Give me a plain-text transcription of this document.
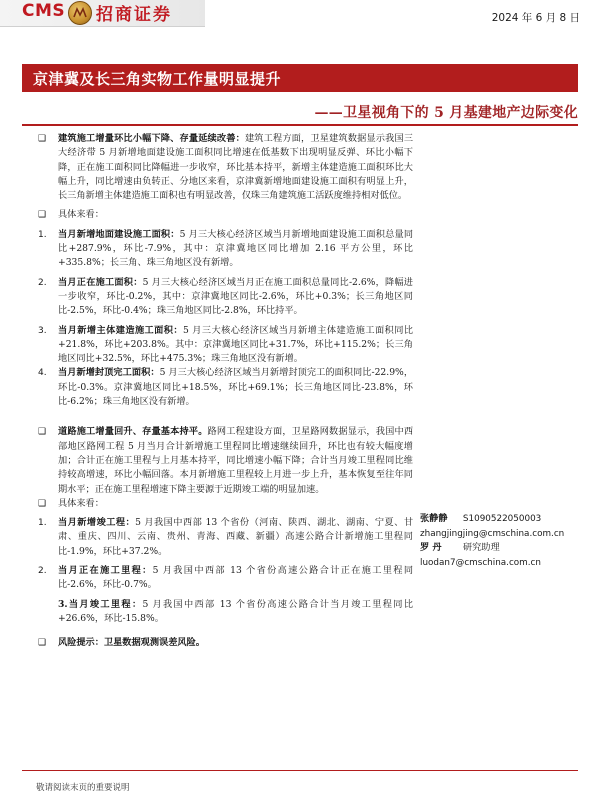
CMS 招商证券	2024 年 6 月 8 日
京津冀及长三角实物工作量明显提升
——卫星视角下的 5 月基建地产边际变化
❑	建筑施工增量环比小幅下降、存量延续改善：建筑工程方面，卫星建筑数据显示我国三大经济带 5 月新增地面建设施工面积同比增速在低基数下出现明显反弹、环比小幅下降，正在施工面积同比降幅进一步收窄，环比基本持平，新增主体建造施工面积环比大幅上升，同比增速由负转正、分地区来看，京津冀新增地面建设施工面积有明显上升，长三角新增主体建造施工面积也有明显改善，仅珠三角建筑施工活跃度维持相对低位。

❑	具体来看：
1.	当月新增地面建设施工面积：5 月三大核心经济区域当月新增地面建设施工面积总量同比+287.9%，环比-7.9%，其中：京津冀地区同比增加 2.16 平方公里，环比+335.8%；长三角、珠三角地区没有新增。

2.	当月正在施工面积：5 月三大核心经济区域当月正在施工面积总量同比-2.6%，降幅进一步收窄，环比-0.2%，其中：京津冀地区同比-2.6%，环比+0.3%；长三角地区同比-2.5%，环比-0.4%；珠三角地区同比-2.8%，环比持平。

3.	当月新增主体建造施工面积：5 月三大核心经济区域当月新增主体建造施工面积同比+21.8%，环比+203.8%。其中：京津冀地区同比+31.7%，环比+115.2%；长三角地区同比+32.5%，环比+475.3%；珠三角地区没有新增。

4.	当月新增封顶完工面积：5 月三大核心经济区域当月新增封顶完工的面积同比-22.9%，环比-0.3%。京津冀地区同比+18.5%，环比+69.1%；长三角地区同比-23.8%，环比-6.2%；珠三角地区没有新增。

❑	道路施工增量回升、存量基本持平。路网工程建设方面，卫星路网数据显示，我国中西部地区路网工程 5 月当月合计新增施工里程同比增速继续回升，环比也有较大幅度增加；合计正在施工里程与上月基本持平，同比增速小幅下降；合计当月竣工里程同比维持较高增速，环比小幅回落。本月新增施工里程较上月进一步上升，基本恢复至往年同期水平；正在施工里程增速下降主要源于近期竣工端的明显加速。

❑	具体来看：
1.	当月新增竣工程：5 月我国中西部 13 个省份（河南、陕西、湖北、湖南、宁夏、甘肃、重庆、四川、云南、贵州、青海、西藏、新疆）高速公路合计新增施工里程同比-1.9%，环比+37.2%。

2.	当月正在施工里程：5 月我国中西部 13 个省份高速公路合计正在施工里程同比-2.6%，环比-0.7%。

3.当月竣工里程：5 月我国中西部 13 个省份高速公路合计当月竣工里程同比+26.6%，环比-15.8%。

❑	风险提示：卫星数据观测误差风险。

张静静 S1090522050003
zhangjingjing@cmschina.com.cn
罗 丹 研究助理
luodan7@cmschina.com.cn
敬请阅读末页的重要说明
